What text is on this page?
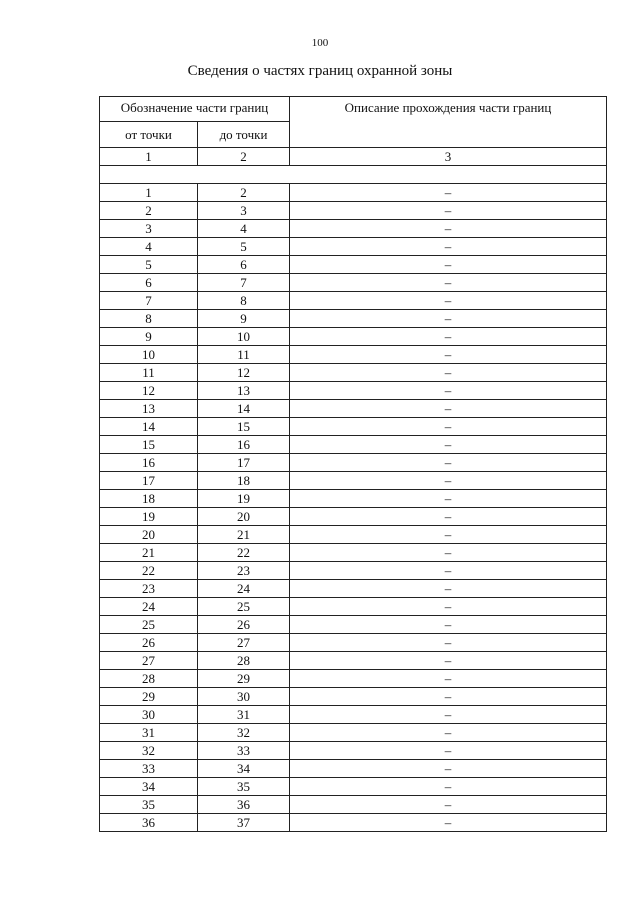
100
Сведения о частях границ охранной зоны
Обозначение части границ		Описание прохождения части границ
от точки	до точки	
1	2	3

1	2	–
2	3	–
3	4	–
4	5	–
5	6	–
6	7	–
7	8	–
8	9	–
9	10	–
10	11	–
11	12	–
12	13	–
13	14	–
14	15	–
15	16	–
16	17	–
17	18	–
18	19	–
19	20	–
20	21	–
21	22	–
22	23	–
23	24	–
24	25	–
25	26	–
26	27	–
27	28	–
28	29	–
29	30	–
30	31	–
31	32	–
32	33	–
33	34	–
34	35	–
35	36	–
36	37	–
